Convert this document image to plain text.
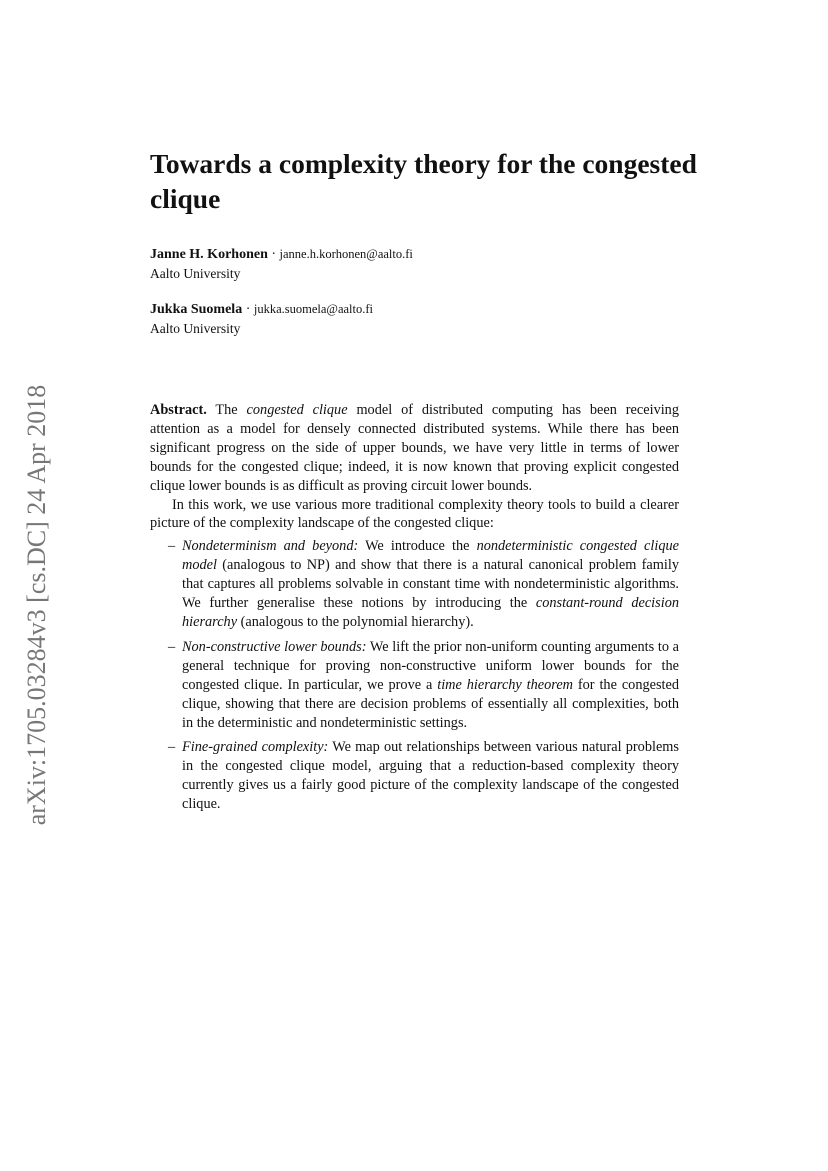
arXiv:1705.03284v3 [cs.DC] 24 Apr 2018
Towards a complexity theory for the congested clique
Janne H. Korhonen · janne.h.korhonen@aalto.fi
Aalto University
Jukka Suomela · jukka.suomela@aalto.fi
Aalto University

Abstract. The congested clique model of distributed computing has been receiving attention as a model for densely connected distributed systems. While there has been significant progress on the side of upper bounds, we have very little in terms of lower bounds for the congested clique; indeed, it is now known that proving explicit congested clique lower bounds is as difficult as proving circuit lower bounds.

In this work, we use various more traditional complexity theory tools to build a clearer picture of the complexity landscape of the congested clique:

– Nondeterminism and beyond: We introduce the nondeterministic congested clique model (analogous to NP) and show that there is a natural canonical problem family that captures all problems solvable in constant time with nondeterministic algorithms. We further generalise these notions by introducing the constant-round decision hierarchy (analogous to the polynomial hierarchy).
– Non-constructive lower bounds: We lift the prior non-uniform counting arguments to a general technique for proving non-constructive uniform lower bounds for the congested clique. In particular, we prove a time hierarchy theorem for the congested clique, showing that there are decision problems of essentially all complexities, both in the deterministic and nondeterministic settings.
– Fine-grained complexity: We map out relationships between various natural problems in the congested clique model, arguing that a reduction-based complexity theory currently gives us a fairly good picture of the complexity landscape of the congested clique.
